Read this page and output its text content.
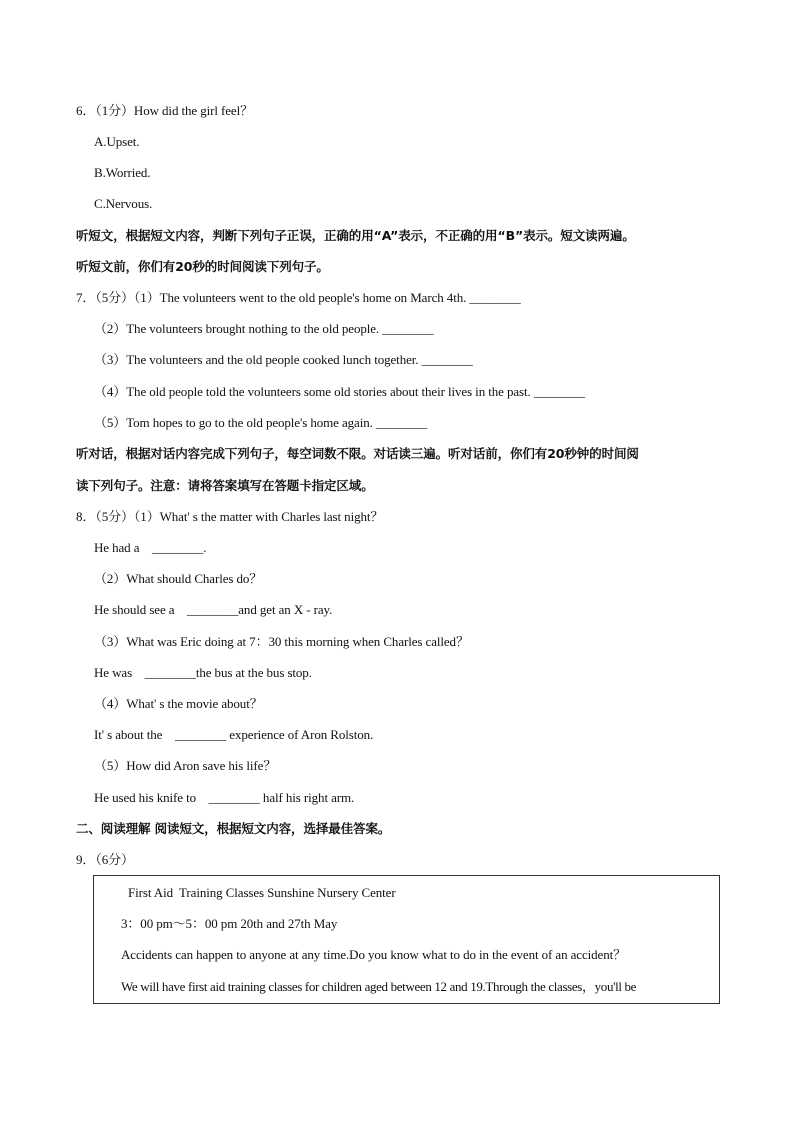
6．（1分）How did the girl feel？
A.Upset.
B.Worried.
C.Nervous.
听短文，根据短文内容，判断下列句子正误，正确的用“A”表示，不正确的用“B”表示。短文读两遍。
听短文前，你们有20秒的时间阅读下列句子。
7．（5分）（1）The volunteers went to the old people's home on March 4th. ________
（2）The volunteers brought nothing to the old people. ________
（3）The volunteers and the old people cooked lunch together. ________
（4）The old people told the volunteers some old stories about their lives in the past. ________
（5）Tom hopes to go to the old people's home again. ________
听对话，根据对话内容完成下列句子，每空词数不限。对话读三遍。听对话前，你们有20秒钟的时间阅
读下列句子。注意：请将答案填写在答题卡指定区域。
8．（5分）（1）What' s the matter with Charles last night？
He had a    ________.
（2）What should Charles do？
He should see a    ________and get an X - ray.
（3）What was Eric doing at 7：30 this morning when Charles called？
He was    ________the bus at the bus stop.
（4）What' s the movie about？
It' s about the    ________ experience of Aron Rolston.
（5）How did Aron save his life？
He used his knife to    ________ half his right arm.
二、阅读理解 阅读短文，根据短文内容，选择最佳答案。
9．（6分）
First Aid  Training Classes Sunshine Nursery Center
3：00 pm～5：00 pm 20th and 27th May
Accidents can happen to anyone at any time.Do you know what to do in the event of an accident？
We will have first aid training classes for children aged between 12 and 19.Through the classes，you'll be
